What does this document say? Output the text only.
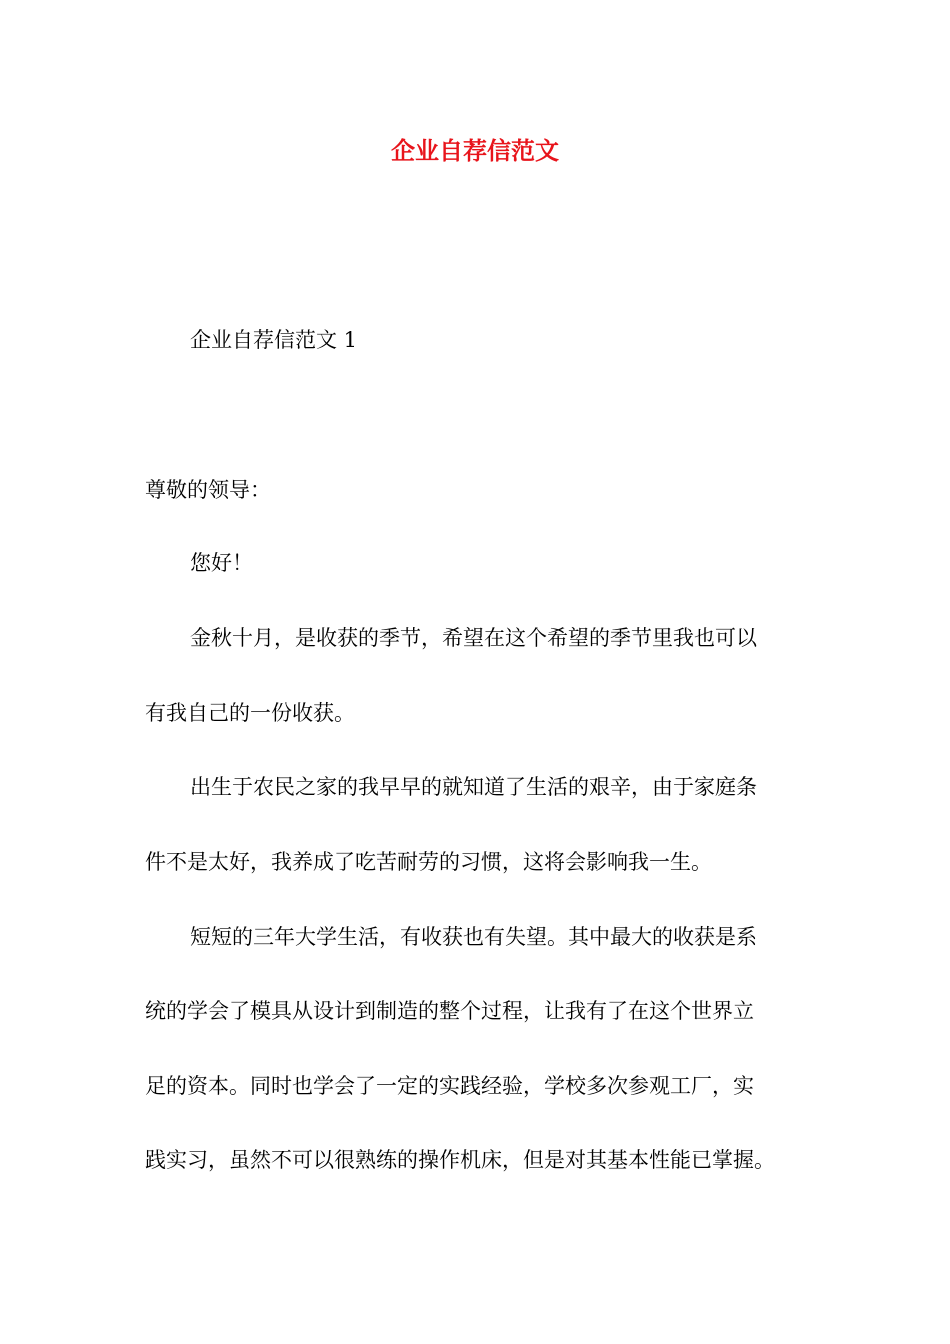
企业自荐信范文
企业自荐信范文 1
尊敬的领导：
您好！
金秋十月，是收获的季节，希望在这个希望的季节里我也可以
有我自己的一份收获。
出生于农民之家的我早早的就知道了生活的艰辛，由于家庭条
件不是太好，我养成了吃苦耐劳的习惯，这将会影响我一生。
短短的三年大学生活，有收获也有失望。其中最大的收获是系
统的学会了模具从设计到制造的整个过程，让我有了在这个世界立
足的资本。同时也学会了一定的实践经验，学校多次参观工厂，实
践实习，虽然不可以很熟练的操作机床，但是对其基本性能已掌握。
